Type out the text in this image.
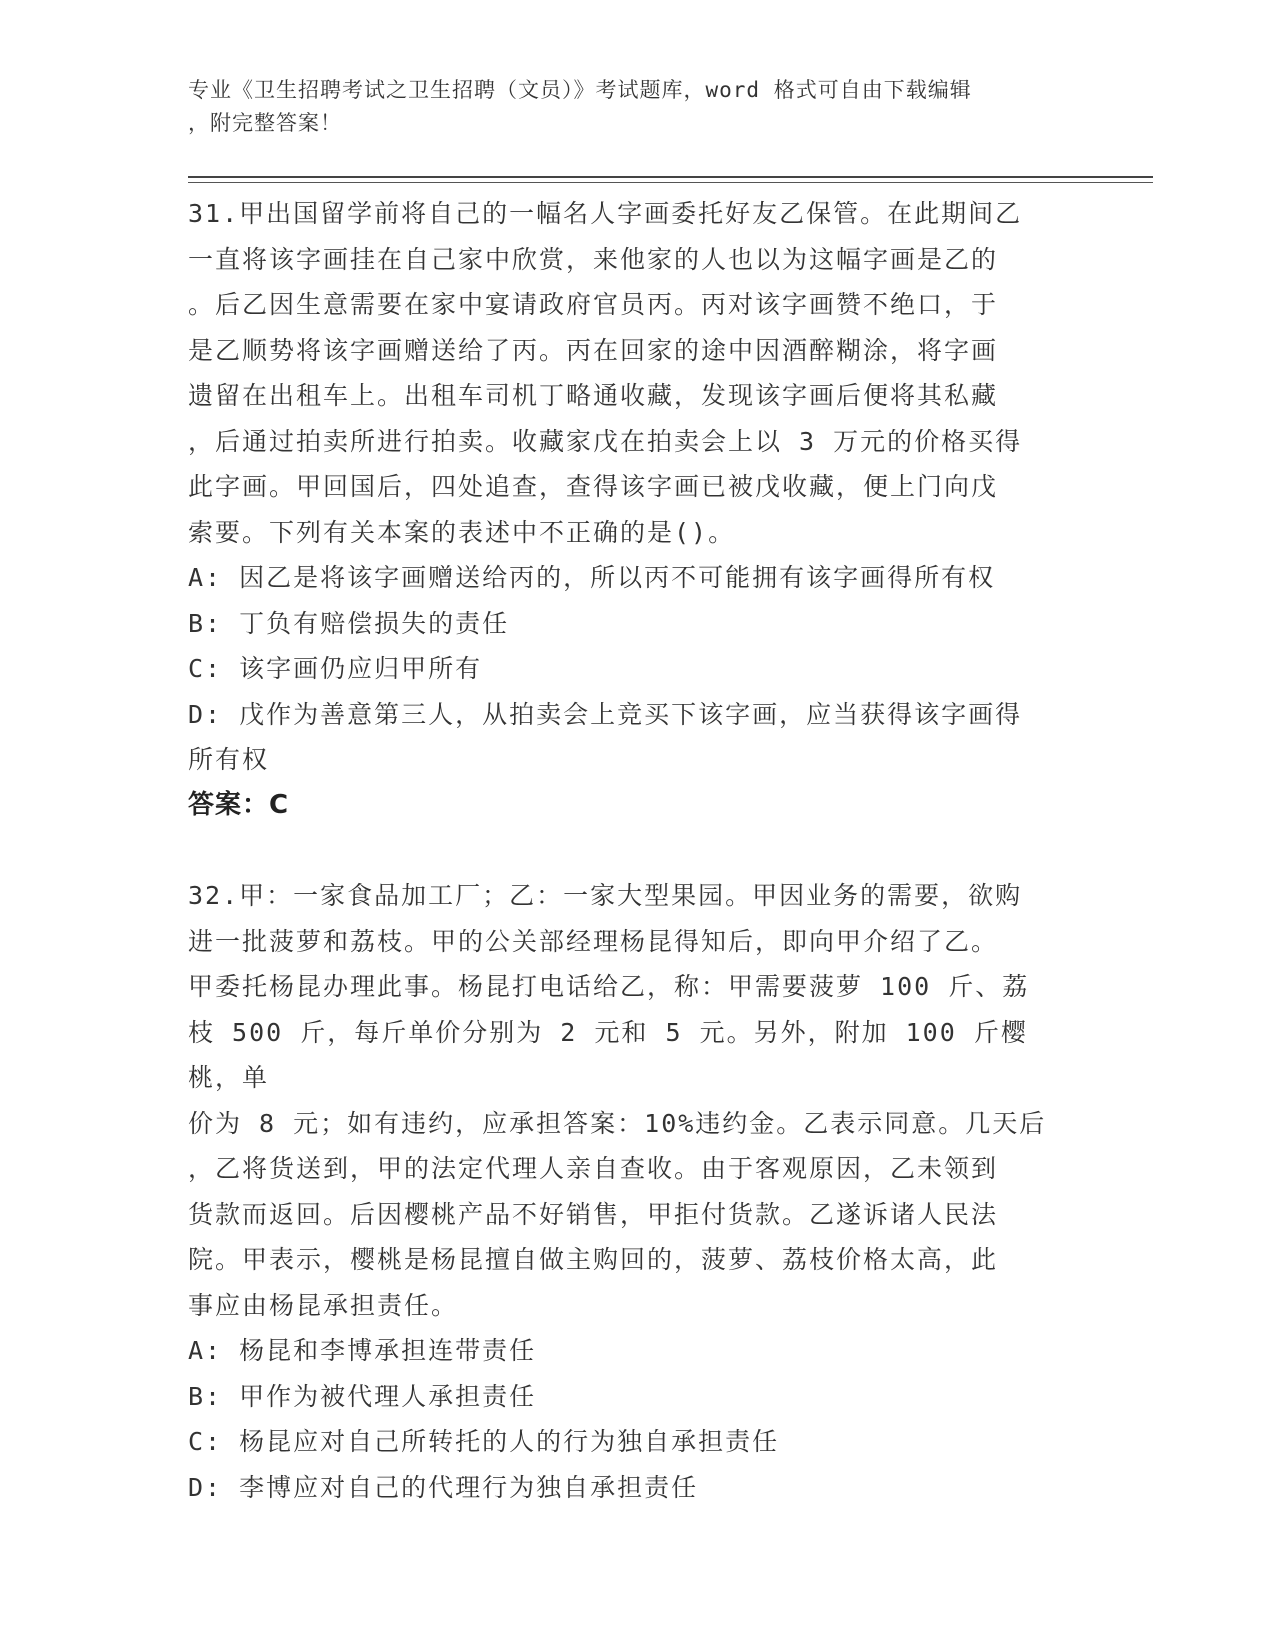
专业《卫生招聘考试之卫生招聘（文员）》考试题库，word 格式可自由下载编辑

，附完整答案！

31.甲出国留学前将自己的一幅名人字画委托好友乙保管。在此期间乙

一直将该字画挂在自己家中欣赏，来他家的人也以为这幅字画是乙的

。后乙因生意需要在家中宴请政府官员丙。丙对该字画赞不绝口，于

是乙顺势将该字画赠送给了丙。丙在回家的途中因酒醉糊涂，将字画

遗留在出租车上。出租车司机丁略通收藏，发现该字画后便将其私藏

，后通过拍卖所进行拍卖。收藏家戊在拍卖会上以 3 万元的价格买得

此字画。甲回国后，四处追查，查得该字画已被戊收藏，便上门向戊

索要。下列有关本案的表述中不正确的是()。

A: 因乙是将该字画赠送给丙的，所以丙不可能拥有该字画得所有权

B: 丁负有赔偿损失的责任

C: 该字画仍应归甲所有

D: 戊作为善意第三人，从拍卖会上竞买下该字画，应当获得该字画得

所有权

答案：C

32.甲：一家食品加工厂；乙：一家大型果园。甲因业务的需要，欲购

进一批菠萝和荔枝。甲的公关部经理杨昆得知后，即向甲介绍了乙。

甲委托杨昆办理此事。杨昆打电话给乙，称：甲需要菠萝 100 斤、荔

枝 500 斤，每斤单价分别为 2 元和 5 元。另外，附加 100 斤樱桃，单

价为 8 元；如有违约，应承担答案：10%违约金。乙表示同意。几天后

，乙将货送到，甲的法定代理人亲自查收。由于客观原因，乙未领到

货款而返回。后因樱桃产品不好销售，甲拒付货款。乙遂诉诸人民法

院。甲表示，樱桃是杨昆擅自做主购回的，菠萝、荔枝价格太高，此

事应由杨昆承担责任。

A: 杨昆和李博承担连带责任

B: 甲作为被代理人承担责任

C: 杨昆应对自己所转托的人的行为独自承担责任

D: 李博应对自己的代理行为独自承担责任
